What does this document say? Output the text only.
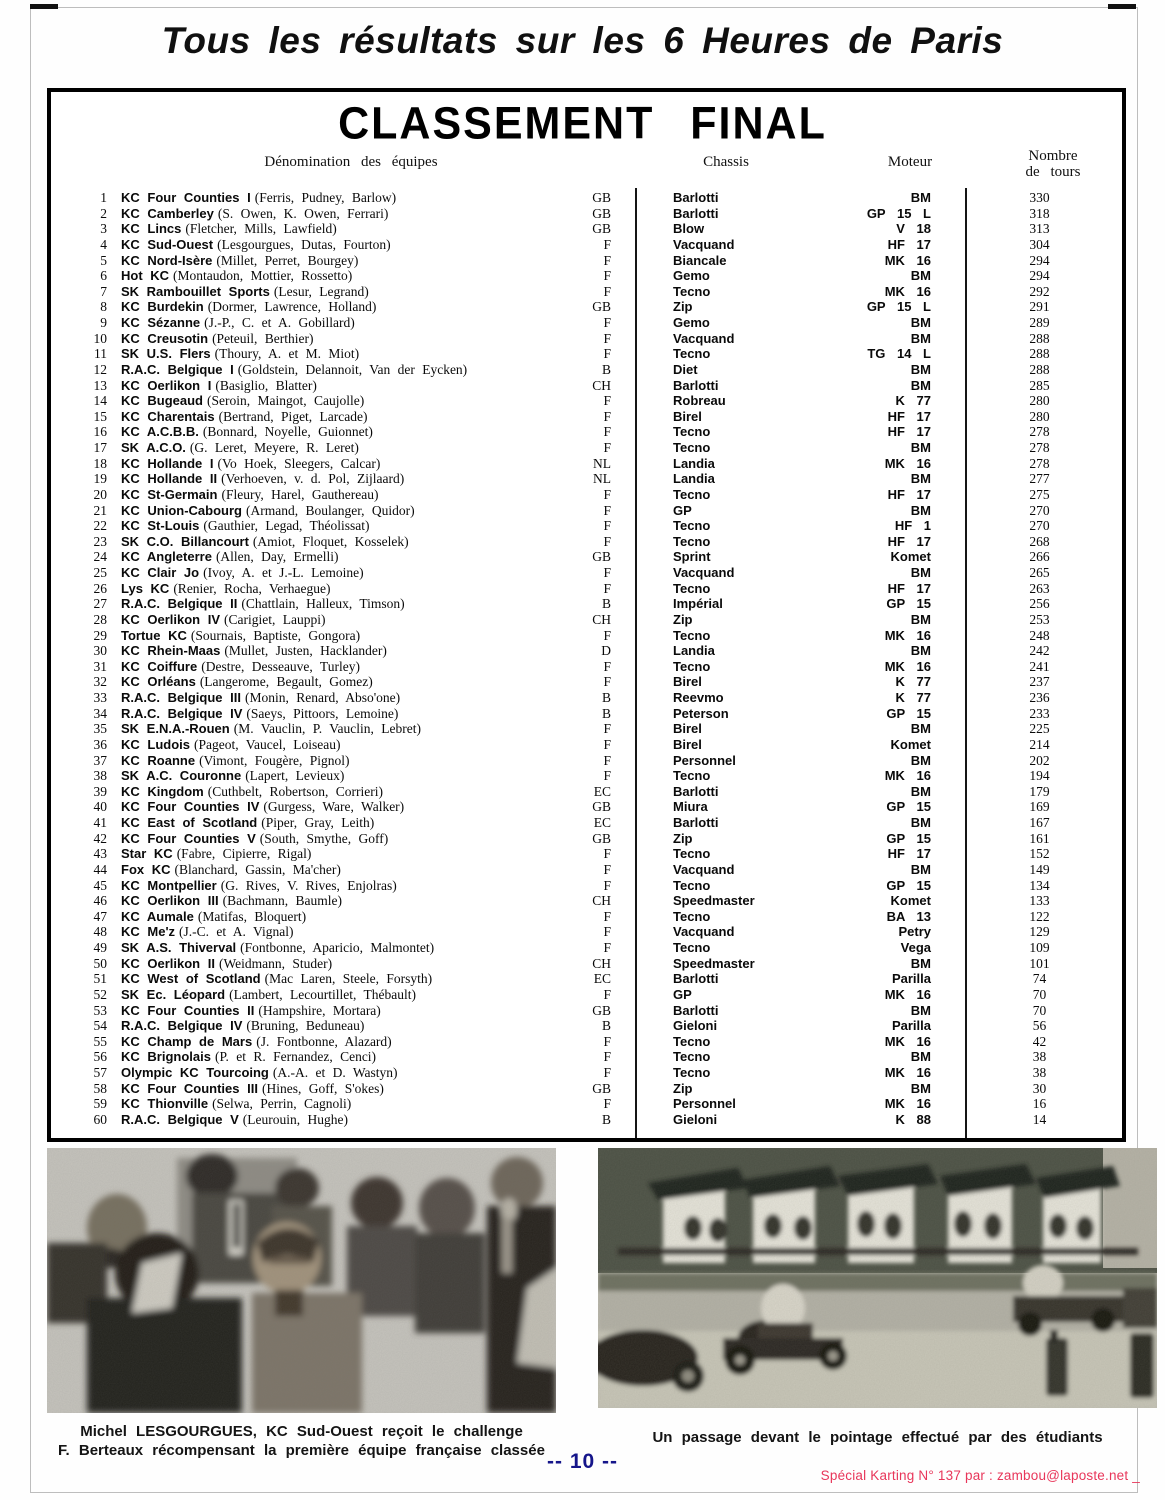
Tous les résultats sur les 6 Heures de Paris
CLASSEMENT FINAL
Dénomination des équipes	Chassis	Moteur	Nombre
de tours
1	KC Four Counties I (Ferris, Pudney, Barlow)	GB	Barlotti	BM	330
2	KC Camberley (S. Owen, K. Owen, Ferrari)	GB	Barlotti	GP 15 L	318
3	KC Lincs (Fletcher, Mills, Lawfield)	GB	Blow	V 18	313
4	KC Sud-Ouest (Lesgourgues, Dutas, Fourton)	F	Vacquand	HF 17	304
5	KC Nord-Isère (Millet, Perret, Bourgey)	F	Biancale	MK 16	294
6	Hot KC (Montaudon, Mottier, Rossetto)	F	Gemo	BM	294
7	SK Rambouillet Sports (Lesur, Legrand)	F	Tecno	MK 16	292
8	KC Burdekin (Dormer, Lawrence, Holland)	GB	Zip	GP 15 L	291
9	KC Sézanne (J.-P., C. et A. Gobillard)	F	Gemo	BM	289
10	KC Creusotin (Peteuil, Berthier)	F	Vacquand	BM	288
11	SK U.S. Flers (Thoury, A. et M. Miot)	F	Tecno	TG 14 L	288
12	R.A.C. Belgique I (Goldstein, Delannoit, Van der Eycken)	B	Diet	BM	288
13	KC Oerlikon I (Basiglio, Blatter)	CH	Barlotti	BM	285
14	KC Bugeaud (Seroin, Maingot, Caujolle)	F	Robreau	K 77	280
15	KC Charentais (Bertrand, Piget, Larcade)	F	Birel	HF 17	280
16	KC A.C.B.B. (Bonnard, Noyelle, Guionnet)	F	Tecno	HF 17	278
17	SK A.C.O. (G. Leret, Meyere, R. Leret)	F	Tecno	BM	278
18	KC Hollande I (Vo Hoek, Sleegers, Calcar)	NL	Landia	MK 16	278
19	KC Hollande II (Verhoeven, v. d. Pol, Zijlaard)	NL	Landia	BM	277
20	KC St-Germain (Fleury, Harel, Gauthereau)	F	Tecno	HF 17	275
21	KC Union-Cabourg (Armand, Boulanger, Quidor)	F	GP	BM	270
22	KC St-Louis (Gauthier, Legad, Théolissat)	F	Tecno	HF 1	270
23	SK C.O. Billancourt (Amiot, Floquet, Kosselek)	F	Tecno	HF 17	268
24	KC Angleterre (Allen, Day, Ermelli)	GB	Sprint	Komet	266
25	KC Clair Jo (Ivoy, A. et J.-L. Lemoine)	F	Vacquand	BM	265
26	Lys KC (Renier, Rocha, Verhaegue)	F	Tecno	HF 17	263
27	R.A.C. Belgique II (Chattlain, Halleux, Timson)	B	Impérial	GP 15	256
28	KC Oerlikon IV (Carigiet, Lauppi)	CH	Zip	BM	253
29	Tortue KC (Sournais, Baptiste, Gongora)	F	Tecno	MK 16	248
30	KC Rhein-Maas (Mullet, Justen, Hacklander)	D	Landia	BM	242
31	KC Coiffure (Destre, Desseauve, Turley)	F	Tecno	MK 16	241
32	KC Orléans (Langerome, Begault, Gomez)	F	Birel	K 77	237
33	R.A.C. Belgique III (Monin, Renard, Abso'one)	B	Reevmo	K 77	236
34	R.A.C. Belgique IV (Saeys, Pittoors, Lemoine)	B	Peterson	GP 15	233
35	SK E.N.A.-Rouen (M. Vauclin, P. Vauclin, Lebret)	F	Birel	BM	225
36	KC Ludois (Pageot, Vaucel, Loiseau)	F	Birel	Komet	214
37	KC Roanne (Vimont, Fougère, Pignol)	F	Personnel	BM	202
38	SK A.C. Couronne (Lapert, Levieux)	F	Tecno	MK 16	194
39	KC Kingdom (Cuthbelt, Robertson, Corrieri)	EC	Barlotti	BM	179
40	KC Four Counties IV (Gurgess, Ware, Walker)	GB	Miura	GP 15	169
41	KC East of Scotland (Piper, Gray, Leith)	EC	Barlotti	BM	167
42	KC Four Counties V (South, Smythe, Goff)	GB	Zip	GP 15	161
43	Star KC (Fabre, Cipierre, Rigal)	F	Tecno	HF 17	152
44	Fox KC (Blanchard, Gassin, Ma'cher)	F	Vacquand	BM	149
45	KC Montpellier (G. Rives, V. Rives, Enjolras)	F	Tecno	GP 15	134
46	KC Oerlikon III (Bachmann, Baumle)	CH	Speedmaster	Komet	133
47	KC Aumale (Matifas, Bloquert)	F	Tecno	BA 13	122
48	KC Me'z (J.-C. et A. Vignal)	F	Vacquand	Petry	129
49	SK A.S. Thiverval (Fontbonne, Aparicio, Malmontet)	F	Tecno	Vega	109
50	KC Oerlikon II (Weidmann, Studer)	CH	Speedmaster	BM	101
51	KC West of Scotland (Mac Laren, Steele, Forsyth)	EC	Barlotti	Parilla	74
52	SK Ec. Léopard (Lambert, Lecourtillet, Thébault)	F	GP	MK 16	70
53	KC Four Counties II (Hampshire, Mortara)	GB	Barlotti	BM	70
54	R.A.C. Belgique IV (Bruning, Beduneau)	B	Gieloni	Parilla	56
55	KC Champ de Mars (J. Fontbonne, Alazard)	F	Tecno	MK 16	42
56	KC Brignolais (P. et R. Fernandez, Cenci)	F	Tecno	BM	38
57	Olympic KC Tourcoing (A.-A. et D. Wastyn)	F	Tecno	MK 16	38
58	KC Four Counties III (Hines, Goff, S'okes)	GB	Zip	BM	30
59	KC Thionville (Selwa, Perrin, Cagnoli)	F	Personnel	MK 16	16
60	R.A.C. Belgique V (Leurouin, Hughe)	B	Gieloni	K 88	14
Michel LESGOURGUES, KC Sud-Ouest reçoit le challenge
F. Berteaux récompensant la première équipe française classée
Un passage devant le pointage effectué par des étudiants
-- 10 --
Spécial Karting N° 137 par : zambou@laposte.net _
